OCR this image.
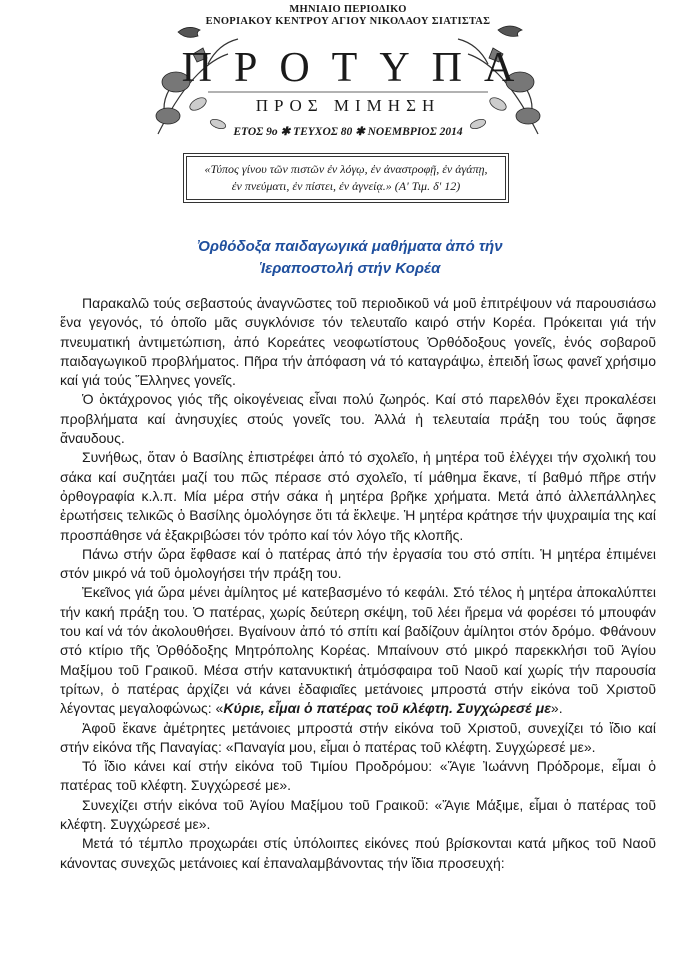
ΜΗΝΙΑΙΟ ΠΕΡΙΟΔΙΚΟ
ΕΝΟΡΙΑΚΟΥ ΚΕΝΤΡΟΥ ΑΓΙΟΥ ΝΙΚΟΛΑΟΥ ΣΙΑΤΙΣΤΑΣ
ΠΡΟΤΥΠΑ
ΠΡΟΣ ΜΙΜΗΣΗ
ΕΤΟΣ 9ο ✱ ΤΕΥΧΟΣ 80 ✱ ΝΟΕΜΒΡΙΟΣ 2014
«Τύπος γίνου τῶν πιστῶν ἐν λόγῳ, ἐν ἀναστροφῇ, ἐν ἀγάπῃ,
ἐν πνεύματι, ἐν πίστει, ἐν ἁγνείᾳ.» (Α' Τιμ. δ' 12)
Ὀρθόδοξα παιδαγωγικά μαθήματα ἀπό τήν
Ἱεραποστολή στήν Κορέα

Παρακαλῶ τούς σεβαστούς ἀναγνῶστες τοῦ περιοδικοῦ νά μοῦ ἐπιτρέψουν νά παρουσιάσω ἕνα γεγονός, τό ὁποῖο μᾶς συγκλόνισε τόν τελευταῖο καιρό στήν Κορέα. Πρόκειται γιά τήν πνευματική ἀντιμετώπιση, ἀπό Κορεάτες νεοφωτίστους Ὀρθόδοξους γονεῖς, ἑνός σοβαροῦ παιδαγωγικοῦ προβλήματος. Πῆρα τήν ἀπόφαση νά τό καταγράψω, ἐπειδή ἴσως φανεῖ χρήσιμο καί γιά τούς Ἕλληνες γονεῖς.

Ὁ ὀκτάχρονος γιός τῆς οἰκογένειας εἶναι πολύ ζωηρός. Καί στό παρελθόν ἔχει προκαλέσει προβλήματα καί ἀνησυχίες στούς γονεῖς του. Ἀλλά ἡ τελευταία πράξη του τούς ἄφησε ἄναυδους.

Συνήθως, ὅταν ὁ Βασίλης ἐπιστρέφει ἀπό τό σχολεῖο, ἡ μητέρα τοῦ ἐλέγχει τήν σχολική του σάκα καί συζητάει μαζί του πῶς πέρασε στό σχολεῖο, τί μάθημα ἔκανε, τί βαθμό πῆρε στήν ὀρθογραφία κ.λ.π. Μία μέρα στήν σάκα ἡ μητέρα βρῆκε χρήματα. Μετά ἀπό ἀλλεπάλληλες ἐρωτήσεις τελικῶς ὁ Βασίλης ὁμολόγησε ὅτι τά ἔκλεψε. Ἡ μητέρα κράτησε τήν ψυχραιμία της καί προσπάθησε νά ἐξακριβώσει τόν τρόπο καί τόν λόγο τῆς κλοπῆς.

Πάνω στήν ὥρα ἔφθασε καί ὁ πατέρας ἀπό τήν ἐργασία του στό σπίτι. Ἡ μητέρα ἐπιμένει στόν μικρό νά τοῦ ὁμολογήσει τήν πράξη του.

Ἐκεῖνος γιά ὥρα μένει ἀμίλητος μέ κατεβασμένο τό κεφάλι. Στό τέλος ἡ μητέρα ἀποκαλύπτει τήν κακή πράξη του. Ὁ πατέρας, χωρίς δεύτερη σκέψη, τοῦ λέει ἤρεμα νά φορέσει τό μπουφάν του καί νά τόν ἀκολουθήσει. Βγαίνουν ἀπό τό σπίτι καί βαδίζουν ἀμίλητοι στόν δρόμο. Φθάνουν στό κτίριο τῆς Ὀρθόδοξης Μητρόπολης Κορέας. Μπαίνουν στό μικρό παρεκκλήσι τοῦ Ἁγίου Μαξίμου τοῦ Γραικοῦ. Μέσα στήν κατανυκτική ἀτμόσφαιρα τοῦ Ναοῦ καί χωρίς τήν παρουσία τρίτων, ὁ πατέρας ἀρχίζει νά κάνει ἐδαφιαῖες μετάνοιες μπροστά στήν εἰκόνα τοῦ Χριστοῦ λέγοντας μεγαλοφώνως: «Κύριε, εἶμαι ὁ πατέρας τοῦ κλέφτη. Συγχώρεσέ με».

Ἀφοῦ ἔκανε ἀμέτρητες μετάνοιες μπροστά στήν εἰκόνα τοῦ Χριστοῦ, συνεχίζει τό ἴδιο καί στήν εἰκόνα τῆς Παναγίας: «Παναγία μου, εἶμαι ὁ πατέρας τοῦ κλέφτη. Συγχώρεσέ με».

Τό ἴδιο κάνει καί στήν εἰκόνα τοῦ Τιμίου Προδρόμου: «Ἅγιε Ἰωάννη Πρόδρομε, εἶμαι ὁ πατέρας τοῦ κλέφτη. Συγχώρεσέ με».

Συνεχίζει στήν εἰκόνα τοῦ Ἁγίου Μαξίμου τοῦ Γραικοῦ: «Ἅγιε Μάξιμε, εἶμαι ὁ πατέρας τοῦ κλέφτη. Συγχώρεσέ με».

Μετά τό τέμπλο προχωράει στίς ὑπόλοιπες εἰκόνες πού βρίσκονται κατά μῆκος τοῦ Ναοῦ κάνοντας συνεχῶς μετάνοιες καί ἐπαναλαμβάνοντας τήν ἴδια προσευχή:
